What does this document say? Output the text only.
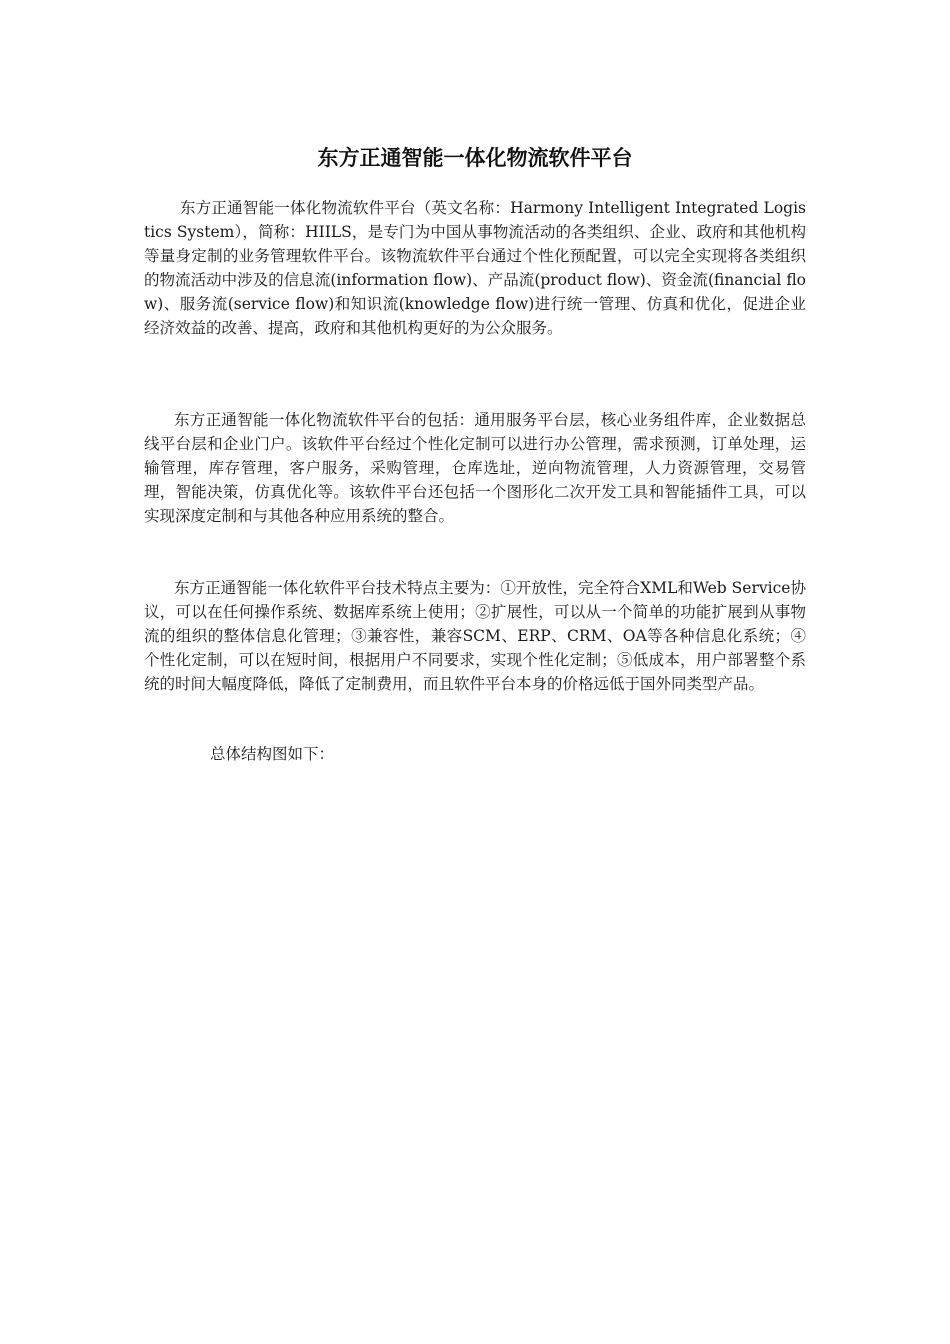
东方正通智能一体化物流软件平台

东方正通智能一体化物流软件平台（英文名称：Harmony Intelligent Integrated Logistics System），简称：HIILS，是专门为中国从事物流活动的各类组织、企业、政府和其他机构等量身定制的业务管理软件平台。该物流软件平台通过个性化预配置，可以完全实现将各类组织的物流活动中涉及的信息流(information flow)、产品流(product flow)、资金流(financial flow)、服务流(service flow)和知识流(knowledge flow)进行统一管理、仿真和优化，促进企业经济效益的改善、提高，政府和其他机构更好的为公众服务。

东方正通智能一体化物流软件平台的包括：通用服务平台层，核心业务组件库，企业数据总线平台层和企业门户。该软件平台经过个性化定制可以进行办公管理，需求预测，订单处理，运输管理，库存管理，客户服务，采购管理，仓库选址，逆向物流管理，人力资源管理，交易管理，智能决策，仿真优化等。该软件平台还包括一个图形化二次开发工具和智能插件工具，可以实现深度定制和与其他各种应用系统的整合。

东方正通智能一体化软件平台技术特点主要为：①开放性，完全符合XML和Web Service协议，可以在任何操作系统、数据库系统上使用；②扩展性，可以从一个简单的功能扩展到从事物流的组织的整体信息化管理；③兼容性，兼容SCM、ERP、CRM、OA等各种信息化系统；④个性化定制，可以在短时间，根据用户不同要求，实现个性化定制；⑤低成本，用户部署整个系统的时间大幅度降低，降低了定制费用，而且软件平台本身的价格远低于国外同类型产品。

总体结构图如下：
